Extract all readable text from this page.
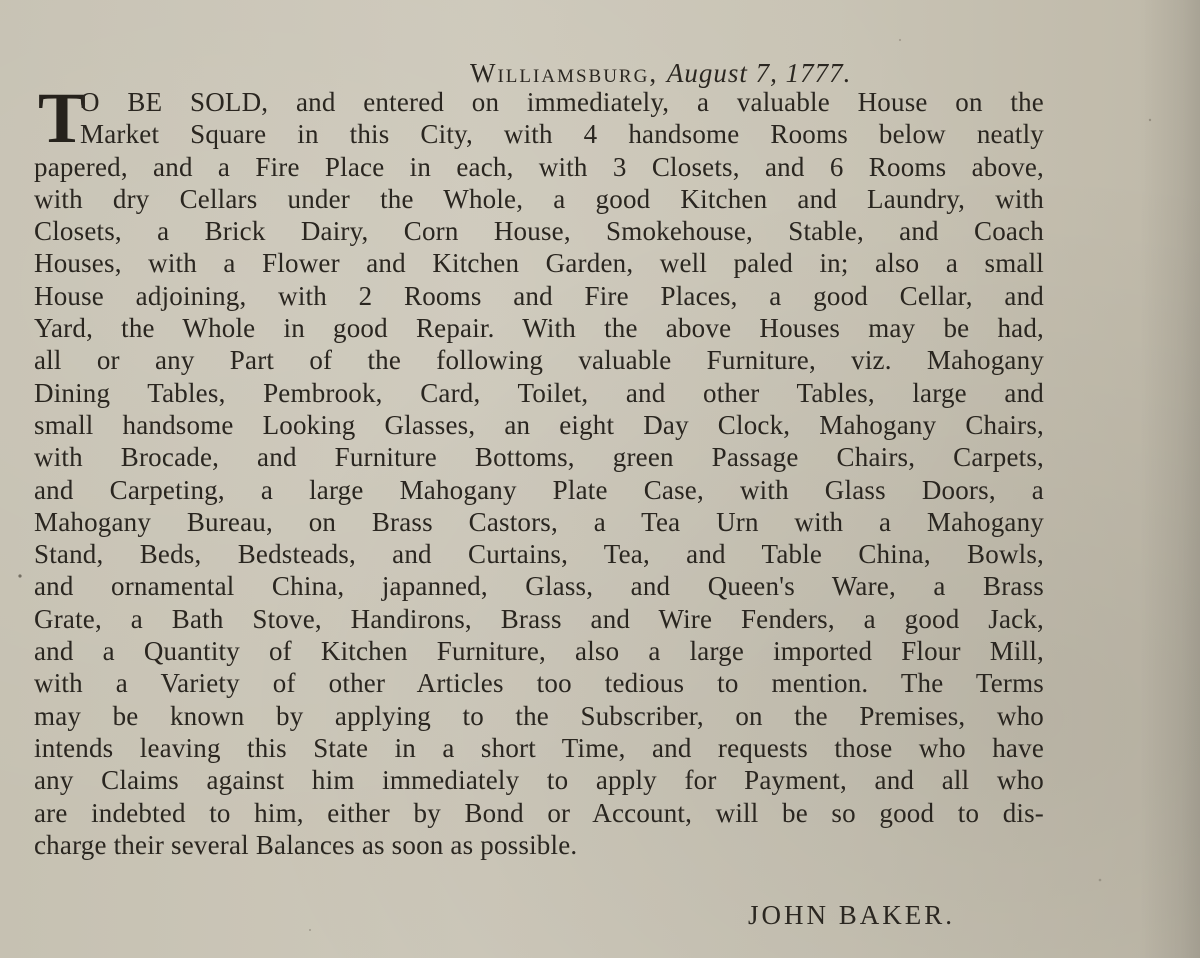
Williamsburg, August 7, 1777.
T
O BE SOLD, and entered on immediately, a valuable House on the
Market Square in this City, with 4 handsome Rooms below neatly
papered, and a Fire Place in each, with 3 Closets, and 6 Rooms above,
with dry Cellars under the Whole, a good Kitchen and Laundry, with
Closets, a Brick Dairy, Corn House, Smokehouse, Stable, and Coach
Houses, with a Flower and Kitchen Garden, well paled in; also a small
House adjoining, with 2 Rooms and Fire Places, a good Cellar, and
Yard, the Whole in good Repair. With the above Houses may be had,
all or any Part of the following valuable Furniture, viz. Mahogany
Dining Tables, Pembrook, Card, Toilet, and other Tables, large and
small handsome Looking Glasses, an eight Day Clock, Mahogany Chairs,
with Brocade, and Furniture Bottoms, green Passage Chairs, Carpets,
and Carpeting, a large Mahogany Plate Case, with Glass Doors, a
Mahogany Bureau, on Brass Castors, a Tea Urn with a Mahogany
Stand, Beds, Bedsteads, and Curtains, Tea, and Table China, Bowls,
and ornamental China, japanned, Glass, and Queen's Ware, a Brass
Grate, a Bath Stove, Handirons, Brass and Wire Fenders, a good Jack,
and a Quantity of Kitchen Furniture, also a large imported Flour Mill,
with a Variety of other Articles too tedious to mention. The Terms
may be known by applying to the Subscriber, on the Premises, who
intends leaving this State in a short Time, and requests those who have
any Claims against him immediately to apply for Payment, and all who
are indebted to him, either by Bond or Account, will be so good to dis-
charge their several Balances as soon as possible.
JOHN BAKER.
